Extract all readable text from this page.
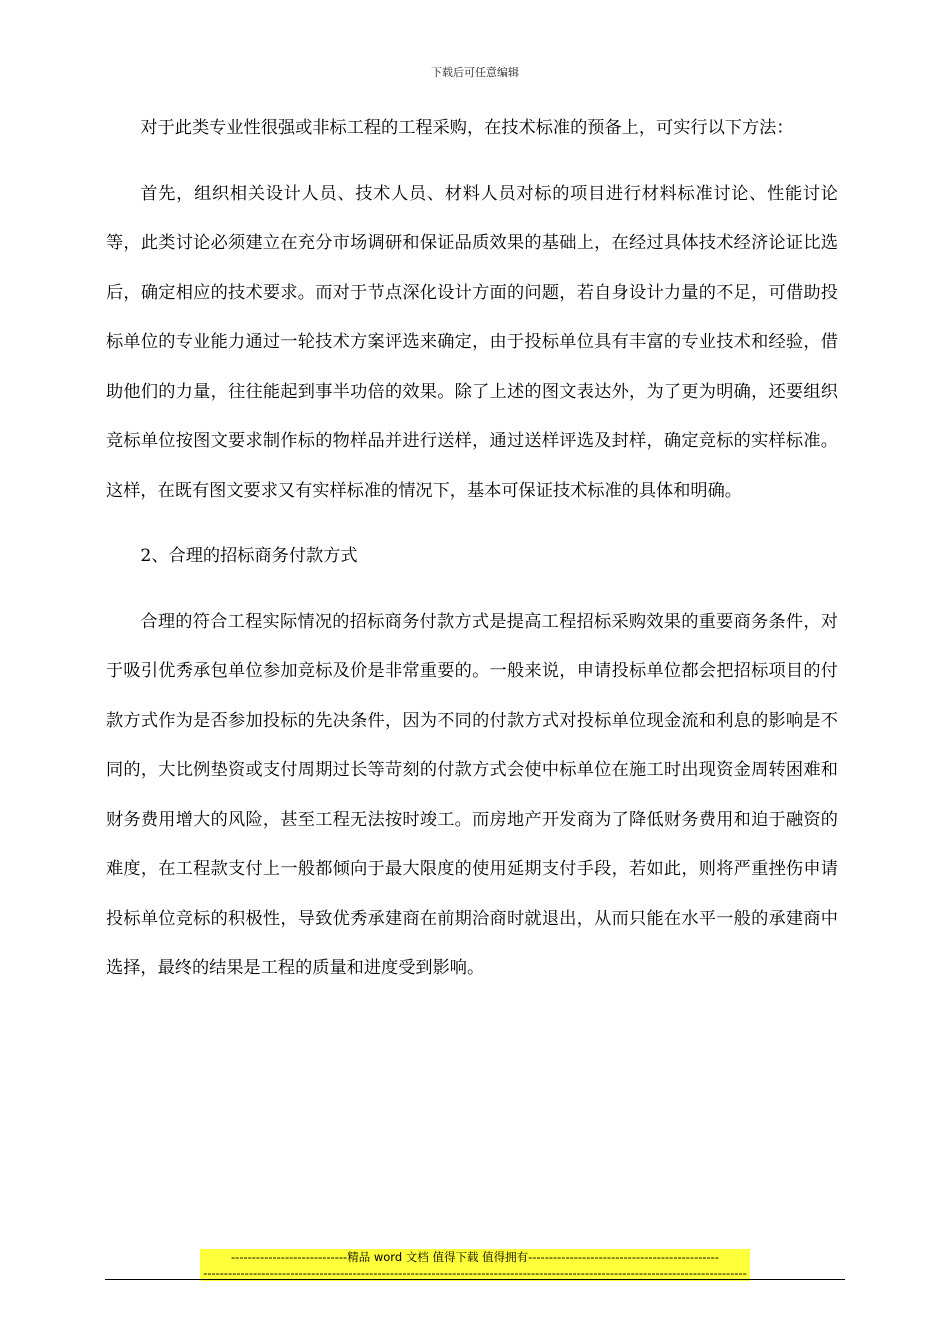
下载后可任意编辑

对于此类专业性很强或非标工程的工程采购，在技术标准的预备上，可实行以下方法：

首先，组织相关设计人员、技术人员、材料人员对标的项目进行材料标准讨论、性能讨论等，此类讨论必须建立在充分市场调研和保证品质效果的基础上，在经过具体技术经济论证比选后，确定相应的技术要求。而对于节点深化设计方面的问题，若自身设计力量的不足，可借助投标单位的专业能力通过一轮技术方案评选来确定，由于投标单位具有丰富的专业技术和经验，借助他们的力量，往往能起到事半功倍的效果。除了上述的图文表达外，为了更为明确，还要组织竞标单位按图文要求制作标的物样品并进行送样，通过送样评选及封样，确定竞标的实样标准。这样，在既有图文要求又有实样标准的情况下，基本可保证技术标准的具体和明确。

2、合理的招标商务付款方式

合理的符合工程实际情况的招标商务付款方式是提高工程招标采购效果的重要商务条件，对于吸引优秀承包单位参加竞标及价是非常重要的。一般来说，申请投标单位都会把招标项目的付款方式作为是否参加投标的先决条件，因为不同的付款方式对投标单位现金流和利息的影响是不同的，大比例垫资或支付周期过长等苛刻的付款方式会使中标单位在施工时出现资金周转困难和财务费用增大的风险，甚至工程无法按时竣工。而房地产开发商为了降低财务费用和迫于融资的难度，在工程款支付上一般都倾向于最大限度的使用延期支付手段，若如此，则将严重挫伤申请投标单位竞标的积极性，导致优秀承建商在前期洽商时就退出，从而只能在水平一般的承建商中选择，最终的结果是工程的质量和进度受到影响。

----------------------------精品 word 文档 值得下载 值得拥有----------------------------------------------
-----------------------------------------------------------------------------------------------------------------------------------
